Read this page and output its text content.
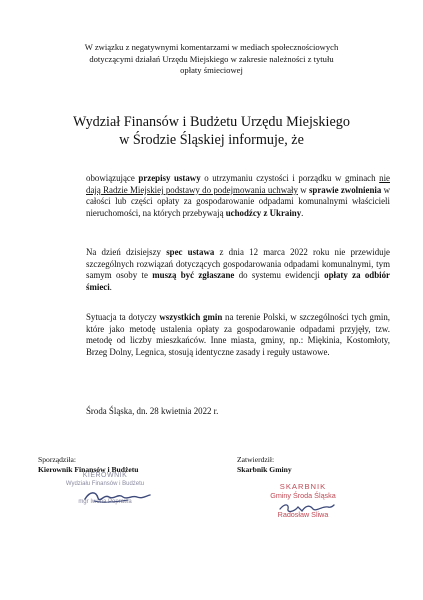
W związku z negatywnymi komentarzami w mediach społecznościowych
dotyczącymi działań Urzędu Miejskiego w zakresie należności z tytułu
opłaty śmieciowej
Wydział Finansów i Budżetu Urzędu Miejskiego
w Środzie Śląskiej informuje, że
obowiązujące przepisy ustawy o utrzymaniu czystości i porządku w gminach nie dają Radzie Miejskiej podstawy do podejmowania uchwały w sprawie zwolnienia w całości lub części opłaty za gospodarowanie odpadami komunalnymi właścicieli nieruchomości, na których przebywają uchodźcy z Ukrainy.
Na dzień dzisiejszy spec ustawa z dnia 12 marca 2022 roku nie przewiduje szczególnych rozwiązań dotyczących gospodarowania odpadami komunalnymi, tym samym osoby te muszą być zgłaszane do systemu ewidencji opłaty za odbiór śmieci.
Sytuacja ta dotyczy wszystkich gmin na terenie Polski, w szczególności tych gmin, które jako metodę ustalenia opłaty za gospodarowanie odpadami przyjęły, tzw. metodę od liczby mieszkańców. Inne miasta, gminy, np.: Miękinia, Kostomłoty, Brzeg Dolny, Legnica, stosują identyczne zasady i reguły ustawowe.
Środa Śląska, dn. 28 kwietnia 2022 r.
Sporządziła:
Kierownik Finansów i Budżetu
KIEROWNIK
Wydziału Finansów i Budżetu
mgr Iwona Poprawa
Zatwierdził:
Skarbnik Gminy
SKARBNIK
Gminy Środa Śląska
Radosław Sliwa
